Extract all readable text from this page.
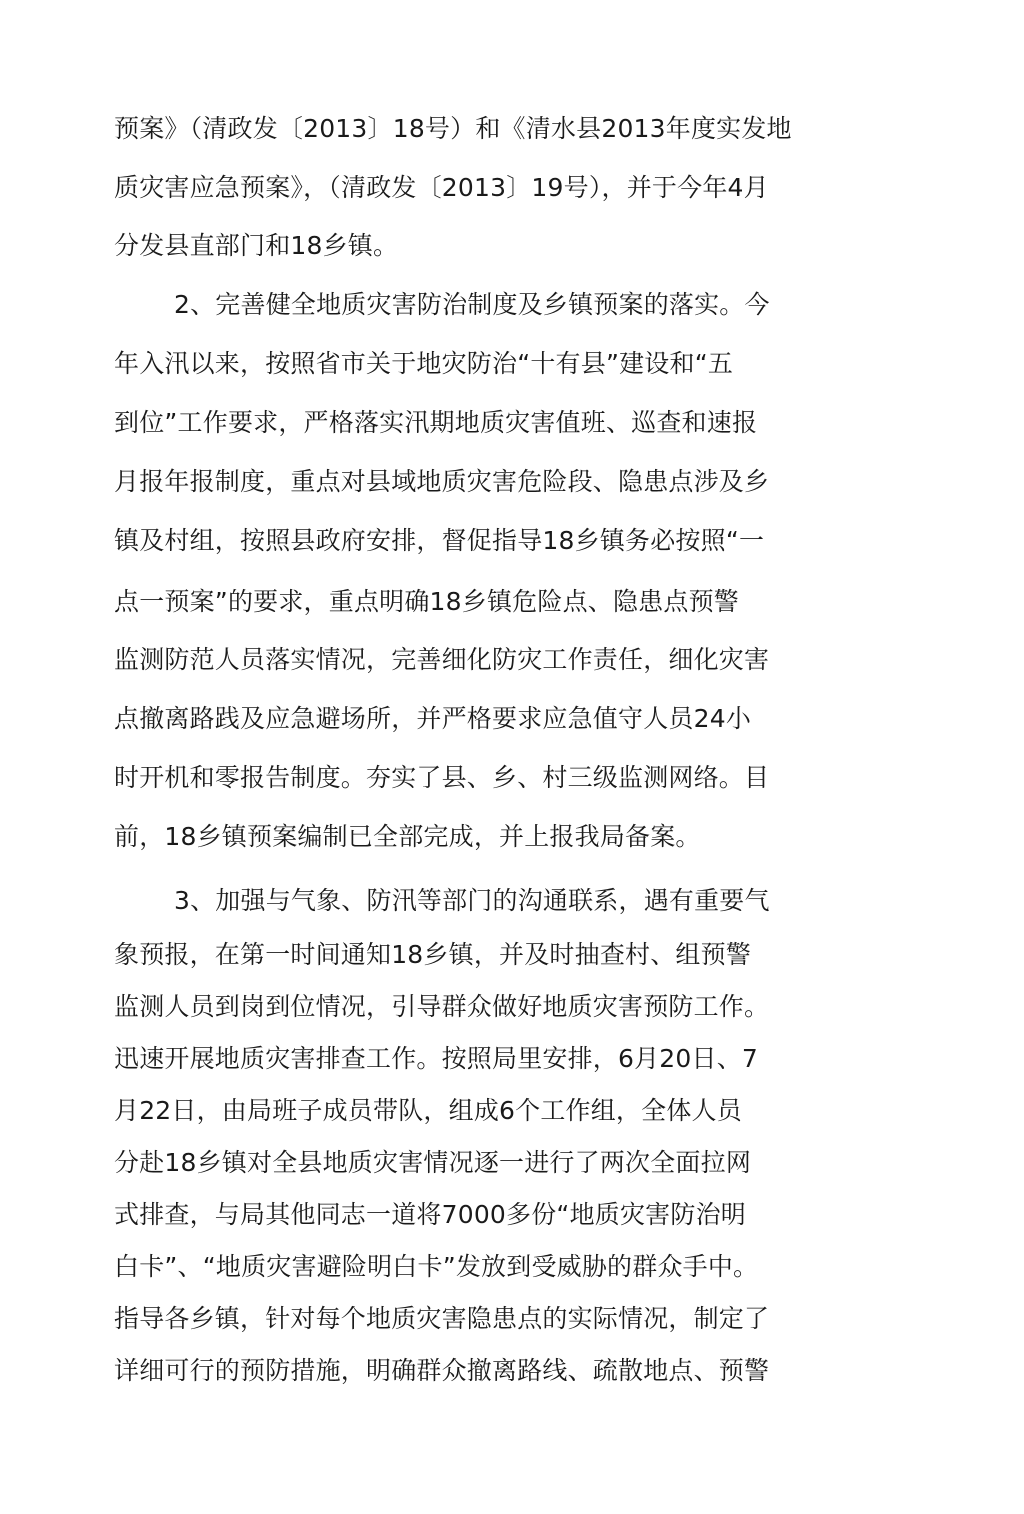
预案》（清政发〔2013〕18号）和《清水县2013年度实发地
质灾害应急预案》，（清政发〔2013〕19号），并于今年4月
分发县直部门和18乡镇。
2、完善健全地质灾害防治制度及乡镇预案的落实。今
年入汛以来，按照省市关于地灾防治“十有县”建设和“五
到位”工作要求，严格落实汛期地质灾害值班、巡查和速报
月报年报制度，重点对县域地质灾害危险段、隐患点涉及乡
镇及村组，按照县政府安排，督促指导18乡镇务必按照“一
点一预案”的要求，重点明确18乡镇危险点、隐患点预警
监测防范人员落实情况，完善细化防灾工作责任，细化灾害
点撤离路践及应急避场所，并严格要求应急值守人员24小
时开机和零报告制度。夯实了县、乡、村三级监测网络。目
前，18乡镇预案编制已全部完成，并上报我局备案。
3、加强与气象、防汛等部门的沟通联系，遇有重要气
象预报，在第一时间通知18乡镇，并及时抽查村、组预警
监测人员到岗到位情况，引导群众做好地质灾害预防工作。
迅速开展地质灾害排查工作。按照局里安排，6月20日、7
月22日，由局班子成员带队，组成6个工作组，全体人员
分赴18乡镇对全县地质灾害情况逐一进行了两次全面拉网
式排查，与局其他同志一道将7000多份“地质灾害防治明
白卡”、“地质灾害避险明白卡”发放到受威胁的群众手中。
指导各乡镇，针对每个地质灾害隐患点的实际情况，制定了
详细可行的预防措施，明确群众撤离路线、疏散地点、预警
